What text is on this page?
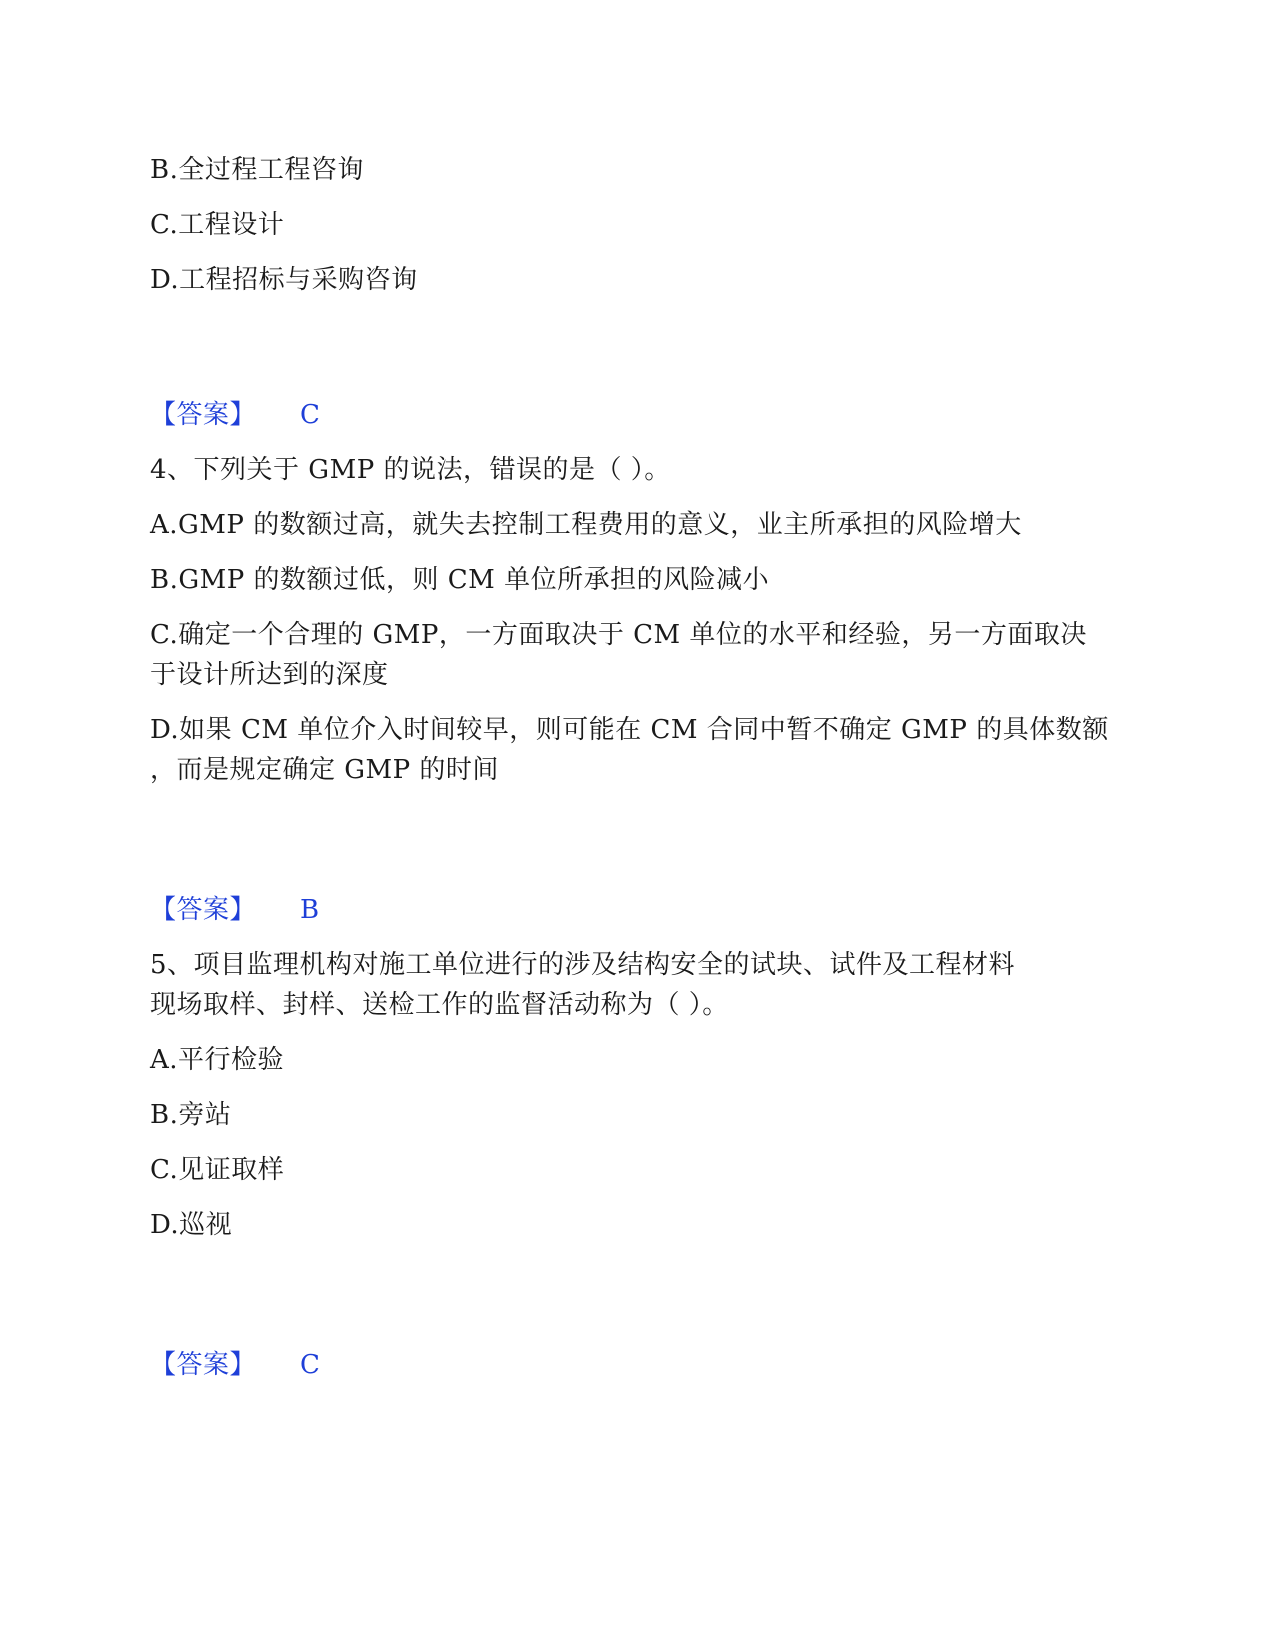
B.全过程工程咨询
C.工程设计
D.工程招标与采购咨询
【答案】 C
4、下列关于 GMP 的说法，错误的是（ ）。
A.GMP 的数额过高，就失去控制工程费用的意义，业主所承担的风险增大
B.GMP 的数额过低，则 CM 单位所承担的风险减小
C.确定一个合理的 GMP，一方面取决于 CM 单位的水平和经验，另一方面取决
于设计所达到的深度
D.如果 CM 单位介入时间较早，则可能在 CM 合同中暂不确定 GMP 的具体数额
，而是规定确定 GMP 的时间
【答案】 B
5、项目监理机构对施工单位进行的涉及结构安全的试块、试件及工程材料
现场取样、封样、送检工作的监督活动称为（ ）。
A.平行检验
B.旁站
C.见证取样
D.巡视
【答案】 C
